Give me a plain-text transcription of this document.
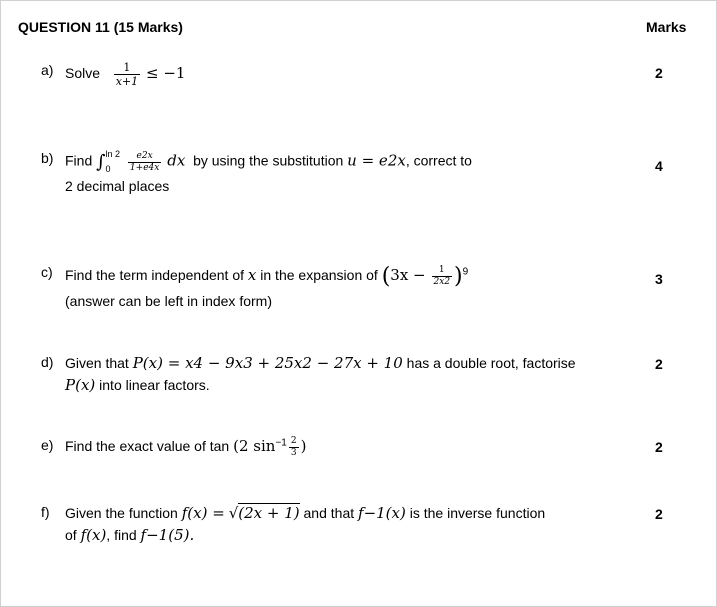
QUESTION 11 (15 Marks)	Marks
a) Solve $\frac{1}{x+1} \le -1$	2
b) Find ∫ ln 2
0
	$\frac{e2x}{1+e4x}$ dx by using the substitution u = e2x, correct to
2 decimal places
4
c) Find the term independent of x in the expansion of $(3x - \frac{1}{2x2} )^9$
(answer can be left in index form)
3
d) Given that P(x) = x4 − 9x3 + 25x2 − 27x + 10 has a double root, factorise
P(x) into linear factors.
2
e) Find the exact value of tan (2 $\sin^{-1} \frac{2}{3}$ )	2
f) Given the function f(x) = √(2x + 1) and that f−1(x) is the inverse function
of f(x), find f−1(5).
2
